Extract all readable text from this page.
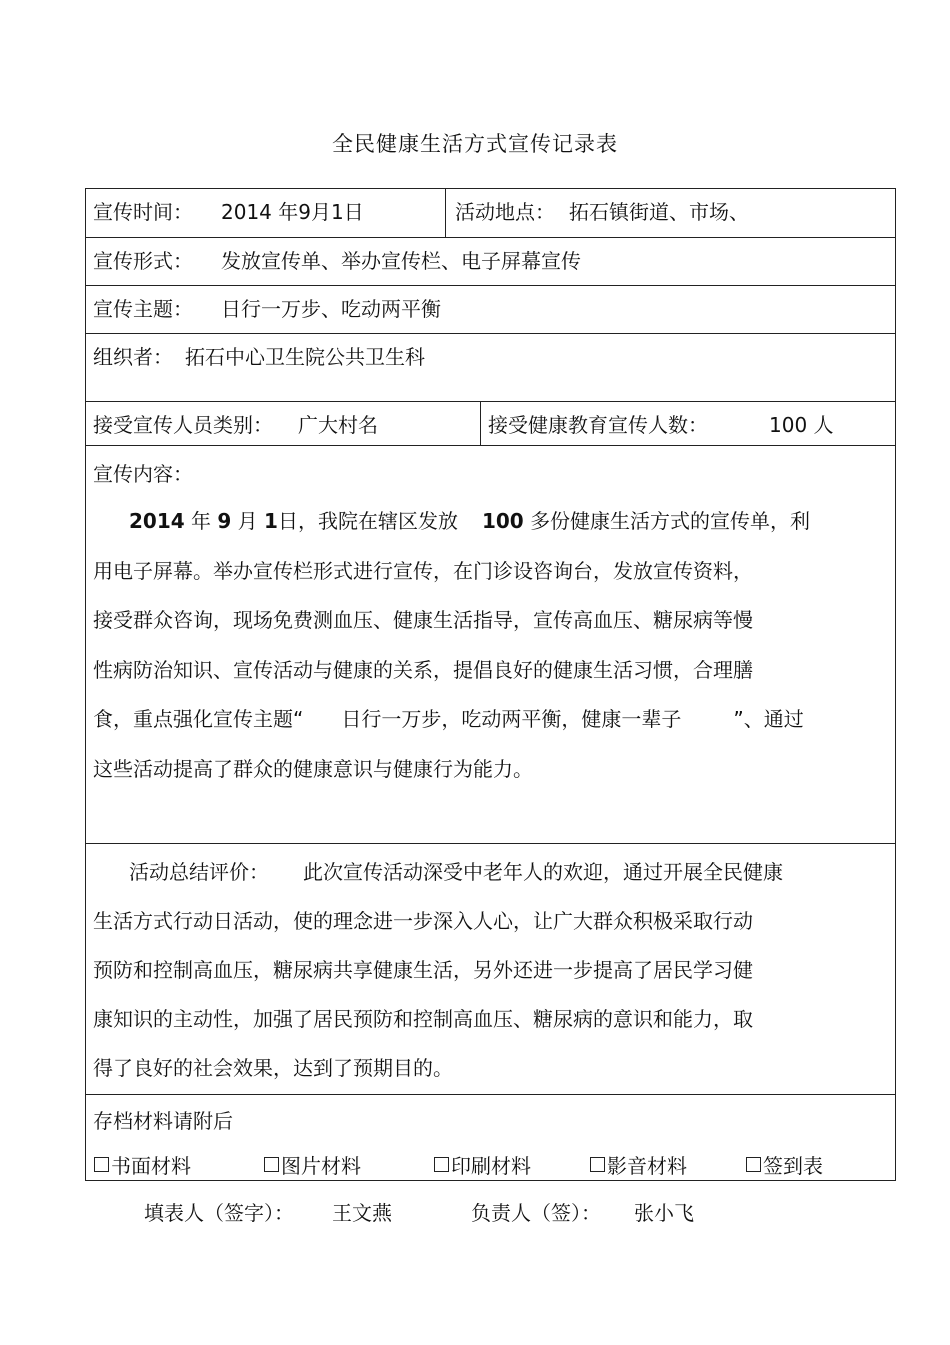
全民健康生活方式宣传记录表
宣传时间： 2014 年9月1日	活动地点： 拓石镇街道、市场、
宣传形式： 发放宣传单、举办宣传栏、电子屏幕宣传
宣传主题： 日行一万步、吃动两平衡
组织者： 拓石中心卫生院公共卫生科
接受宣传人员类别： 广大村名	接受健康教育宣传人数：	100 人
宣传内容：
2014 年 9 月 1日，我院在辖区发放 100 多份健康生活方式的宣传单，利
用电子屏幕。举办宣传栏形式进行宣传，在门诊设咨询台，发放宣传资料，
接受群众咨询，现场免费测血压、健康生活指导，宣传高血压、糖尿病等慢
性病防治知识、宣传活动与健康的关系，提倡良好的健康生活习惯，合理膳
食，重点强化宣传主题“ 日行一万步，吃动两平衡，健康一辈子	”、通过
这些活动提高了群众的健康意识与健康行为能力。
活动总结评价： 此次宣传活动深受中老年人的欢迎，通过开展全民健康
生活方式行动日活动，使的理念进一步深入人心，让广大群众积极采取行动
预防和控制高血压，糖尿病共享健康生活，另外还进一步提高了居民学习健
康知识的主动性，加强了居民预防和控制高血压、糖尿病的意识和能力，取
得了良好的社会效果，达到了预期目的。
存档材料请附后
书面材料	图片材料	印刷材料	影音材料	签到表
填表人（签字）： 王文燕	负责人（签）： 张小飞
